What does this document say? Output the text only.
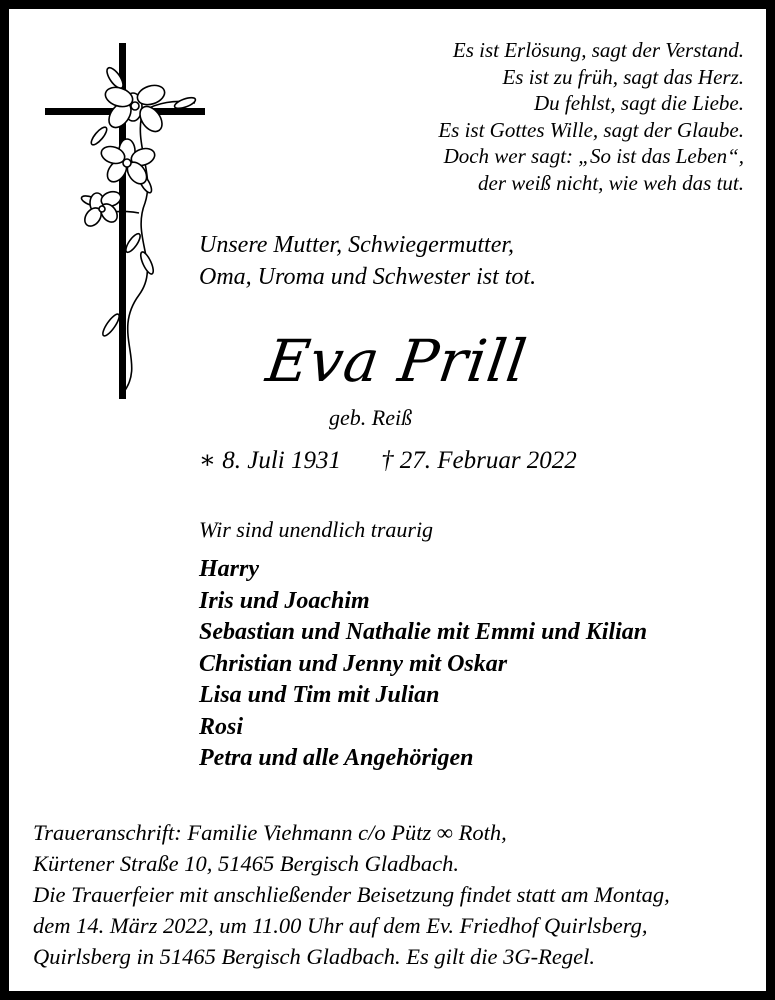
Es ist Erlösung, sagt der Verstand.
Es ist zu früh, sagt das Herz.
Du fehlst, sagt die Liebe.
Es ist Gottes Wille, sagt der Glaube.
Doch wer sagt: „So ist das Leben“,
der weiß nicht, wie weh das tut.
Unsere Mutter, Schwiegermutter,
Oma, Uroma und Schwester ist tot.
Eva Prill
geb. Reiß
∗ 8. Juli 1931 † 27. Februar 2022
Wir sind unendlich traurig
Harry
Iris und Joachim
Sebastian und Nathalie mit Emmi und Kilian
Christian und Jenny mit Oskar
Lisa und Tim mit Julian
Rosi
Petra und alle Angehörigen
Traueranschrift: Familie Viehmann c/o Pütz ∞ Roth,
Kürtener Straße 10, 51465 Bergisch Gladbach.
Die Trauerfeier mit anschließender Beisetzung findet statt am Montag,
dem 14. März 2022, um 11.00 Uhr auf dem Ev. Friedhof Quirlsberg,
Quirlsberg in 51465 Bergisch Gladbach. Es gilt die 3G-Regel.
